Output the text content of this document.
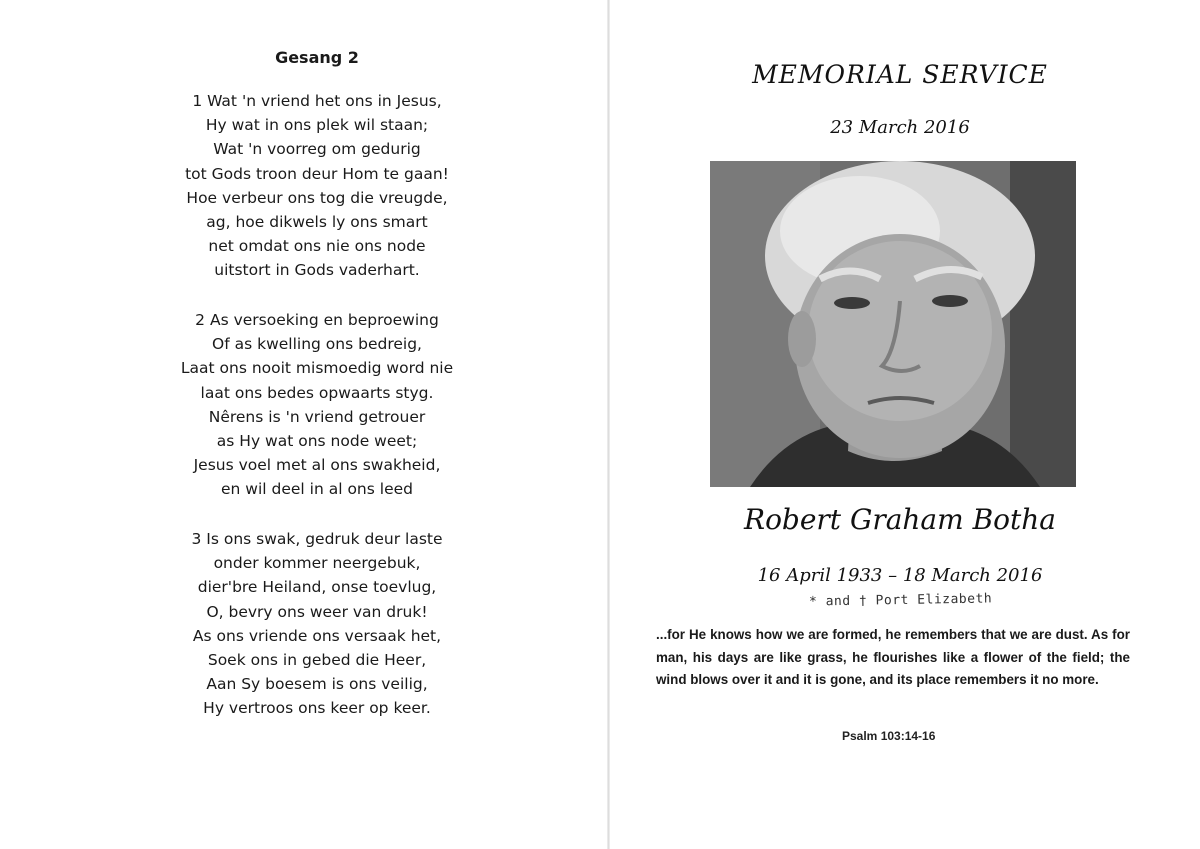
Gesang 2
1 Wat 'n vriend het ons in Jesus,
Hy wat in ons plek wil staan;
Wat 'n voorreg om gedurig
tot Gods troon deur Hom te gaan!
Hoe verbeur ons tog die vreugde,
ag, hoe dikwels ly ons smart
net omdat ons nie ons node
uitstort in Gods vaderhart.
2 As versoeking en beproewing
Of as kwelling ons bedreig,
Laat ons nooit mismoedig word nie
laat ons bedes opwaarts styg.
Nêrens is 'n vriend getrouer
as Hy wat ons node weet;
Jesus voel met al ons swakheid,
en wil deel in al ons leed
3 Is ons swak, gedruk deur laste
onder kommer neergebuk,
dier'bre Heiland, onse toevlug,
O, bevry ons weer van druk!
As ons vriende ons versaak het,
Soek ons in gebed die Heer,
Aan Sy boesem is ons veilig,
Hy vertroos ons keer op keer.
MEMORIAL SERVICE
23 March 2016
Robert Graham Botha
16 April 1933 – 18 March 2016
* and † Port Elizabeth
...for He knows how we are formed, he remembers that we are dust. As for man, his days are like grass, he flourishes like a flower of the field; the wind blows over it and it is gone, and its place remembers it no more.
Psalm 103:14-16
